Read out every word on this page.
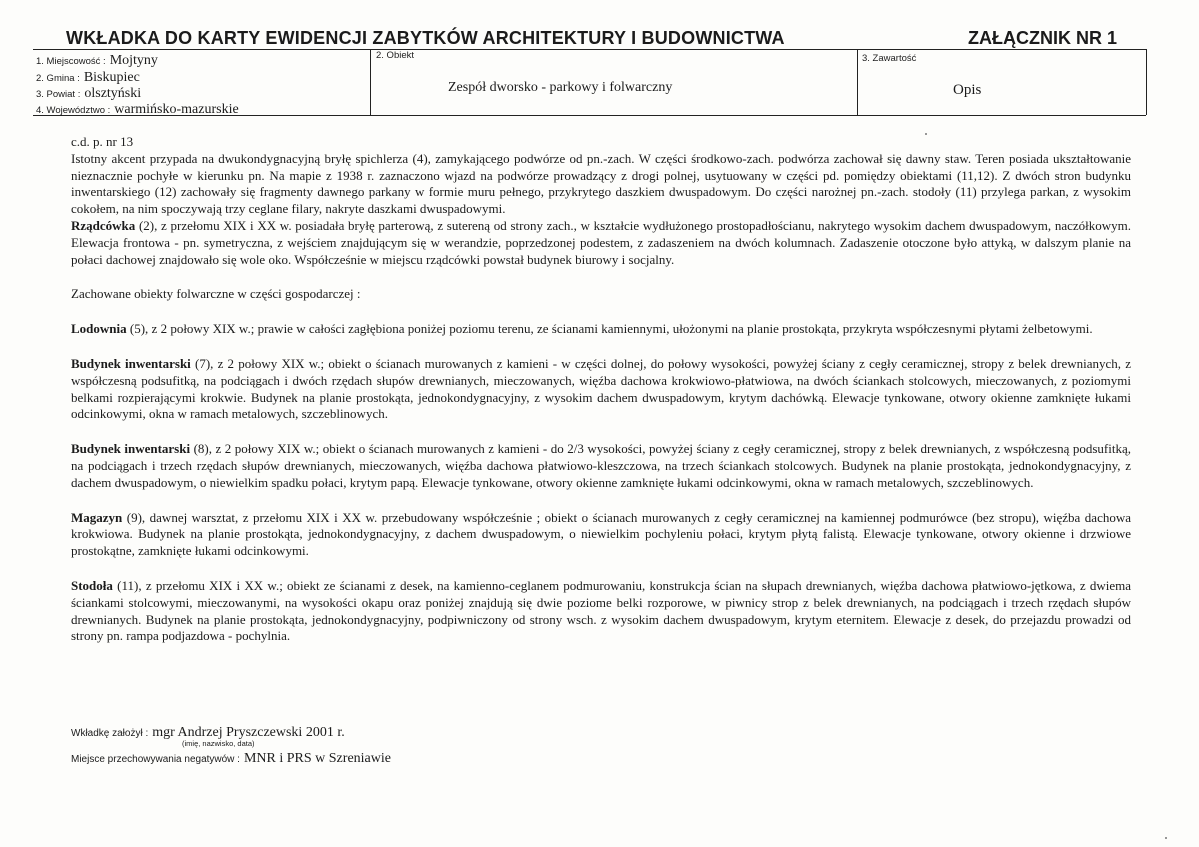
WKŁADKA DO KARTY EWIDENCJI ZABYTKÓW ARCHITEKTURY I BUDOWNICTWA	ZAŁĄCZNIK NR 1
1. Miejscowość : Mojtyny
2. Gmina : Biskupiec
3. Powiat : olsztyński
4. Województwo : warmińsko-mazurskie
2. Obiekt
Zespół dworsko - parkowy i folwarczny
3. Zawartość
Opis

c.d. p. nr 13

Istotny akcent przypada na dwukondygnacyjną bryłę spichlerza (4), zamykającego podwórze od pn.-zach. W części środkowo-zach. podwórza zachował się dawny staw. Teren posiada ukształtowanie nieznacznie pochyłe w kierunku pn. Na mapie z 1938 r. zaznaczono wjazd na podwórze prowadzący z drogi polnej, usytuowany w części pd. pomiędzy obiektami (11,12). Z dwóch stron budynku inwentarskiego (12) zachowały się fragmenty dawnego parkany w formie muru pełnego, przykrytego daszkiem dwuspadowym. Do części narożnej pn.-zach. stodoły (11) przylega parkan, z wysokim cokołem, na nim spoczywają trzy ceglane filary, nakryte daszkami dwuspadowymi.

Rządcówka (2), z przełomu XIX i XX w. posiadała bryłę parterową, z sutereną od strony zach., w kształcie wydłużonego prostopadłościanu, nakrytego wysokim dachem dwuspadowym, naczółkowym. Elewacja frontowa - pn. symetryczna, z wejściem znajdującym się w werandzie, poprzedzonej podestem, z zadaszeniem na dwóch kolumnach. Zadaszenie otoczone było attyką, w dalszym planie na połaci dachowej znajdowało się wole oko. Współcześnie w miejscu rządcówki powstał budynek biurowy i socjalny.

Zachowane obiekty folwarczne w części gospodarczej :

Lodownia (5), z 2 połowy XIX w.; prawie w całości zagłębiona poniżej poziomu terenu, ze ścianami kamiennymi, ułożonymi na planie prostokąta, przykryta współczesnymi płytami żelbetowymi.

Budynek inwentarski (7), z 2 połowy XIX w.; obiekt o ścianach murowanych z kamieni - w części dolnej, do połowy wysokości, powyżej ściany z cegły ceramicznej, stropy z belek drewnianych, z współczesną podsufitką, na podciągach i dwóch rzędach słupów drewnianych, mieczowanych, więźba dachowa krokwiowo-płatwiowa, na dwóch ściankach stolcowych, mieczowanych, z poziomymi belkami rozpierającymi krokwie. Budynek na planie prostokąta, jednokondygnacyjny, z wysokim dachem dwuspadowym, krytym dachówką. Elewacje tynkowane, otwory okienne zamknięte łukami odcinkowymi, okna w ramach metalowych, szczeblinowych.

Budynek inwentarski (8), z 2 połowy XIX w.; obiekt o ścianach murowanych z kamieni - do 2/3 wysokości, powyżej ściany z cegły ceramicznej, stropy z belek drewnianych, z współczesną podsufitką, na podciągach i trzech rzędach słupów drewnianych, mieczowanych, więźba dachowa płatwiowo-kleszczowa, na trzech ściankach stolcowych. Budynek na planie prostokąta, jednokondygnacyjny, z dachem dwuspadowym, o niewielkim spadku połaci, krytym papą. Elewacje tynkowane, otwory okienne zamknięte łukami odcinkowymi, okna w ramach metalowych, szczeblinowych.

Magazyn (9), dawnej warsztat, z przełomu XIX i XX w. przebudowany współcześnie ; obiekt o ścianach murowanych z cegły ceramicznej na kamiennej podmurówce (bez stropu), więźba dachowa krokwiowa. Budynek na planie prostokąta, jednokondygnacyjny, z dachem dwuspadowym, o niewielkim pochyleniu połaci, krytym płytą falistą. Elewacje tynkowane, otwory okienne i drzwiowe prostokątne, zamknięte łukami odcinkowymi.

Stodoła (11), z przełomu XIX i XX w.; obiekt ze ścianami z desek, na kamienno-ceglanem podmurowaniu, konstrukcja ścian na słupach drewnianych, więźba dachowa płatwiowo-jętkowa, z dwiema ściankami stolcowymi, mieczowanymi, na wysokości okapu oraz poniżej znajdują się dwie poziome belki rozporowe, w piwnicy strop z belek drewnianych, na podciągach i trzech rzędach słupów drewnianych. Budynek na planie prostokąta, jednokondygnacyjny, podpiwniczony od strony wsch. z wysokim dachem dwuspadowym, krytym eternitem. Elewacje z desek, do przejazdu prowadzi od strony pn. rampa podjazdowa - pochylnia.

Wkładkę założył : mgr Andrzej Pryszczewski 2001 r.
(imię, nazwisko, data)
Miejsce przechowywania negatywów : MNR i PRS w Szreniawie
